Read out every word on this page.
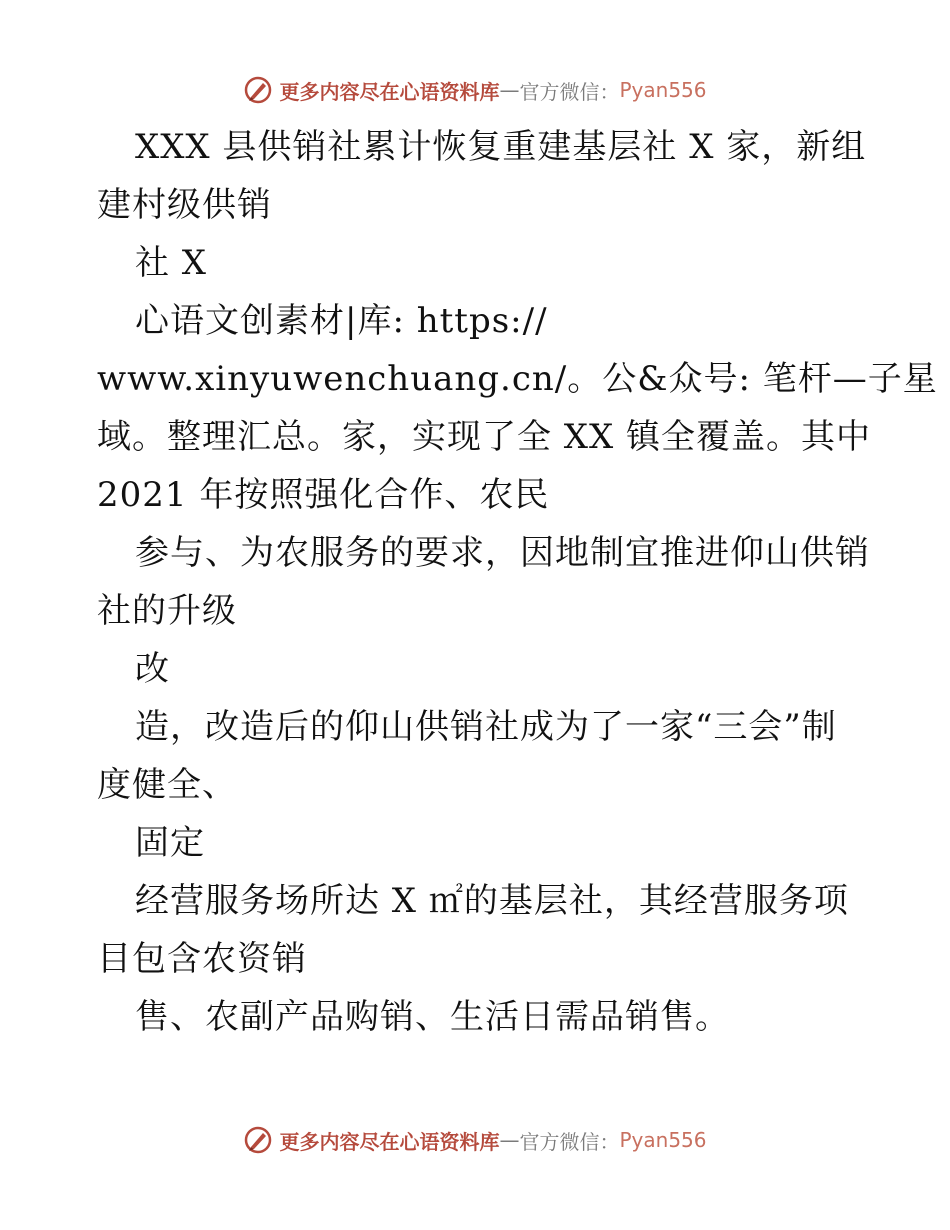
更多内容尽在心语资料库 — 官方微信： Pyan556
XXX 县供销社累计恢复重建基层社 X 家，新组
建村级供销
社 X
心语文创素材|库: https://
www.xinyuwenchuang.cn/。公&众号: 笔杆—子星
域。整理汇总。家，实现了全 XX 镇全覆盖。其中
2021 年按照强化合作、农民
参与、为农服务的要求，因地制宜推进仰山供销
社的升级
改
造，改造后的仰山供销社成为了一家“三会”制
度健全、
固定
经营服务场所达 X ㎡的基层社，其经营服务项
目包含农资销
售、农副产品购销、生活日需品销售。
更多内容尽在心语资料库 — 官方微信： Pyan556
